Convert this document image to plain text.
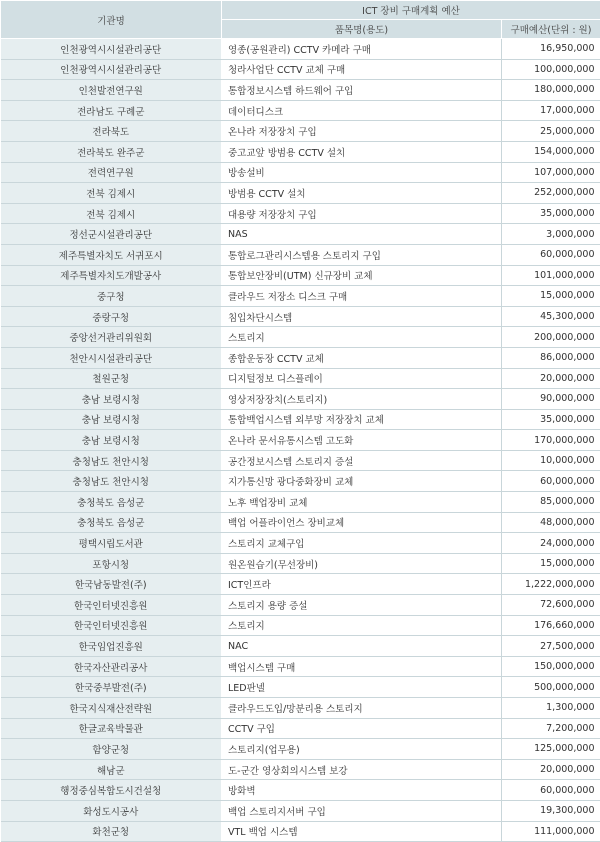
기관명	ICT 장비 구매계획 예산	
	품목명(용도)	구매예산(단위 : 원)
인천광역시시설관리공단	영종(공원관리) CCTV 카메라 구매	16,950,000
인천광역시시설관리공단	청라사업단 CCTV 교체 구매	100,000,000
인천발전연구원	통합정보시스템 하드웨어 구입	180,000,000
전라남도 구례군	데이터디스크	17,000,000
전라북도	온나라 저장장치 구입	25,000,000
전라북도 완주군	중고교앞 방범용 CCTV 설치	154,000,000
전력연구원	방송설비	107,000,000
전북 김제시	방범용 CCTV 설치	252,000,000
전북 김제시	대용량 저장장치 구입	35,000,000
정선군시설관리공단	NAS	3,000,000
제주특별자치도 서귀포시	통합로그관리시스템용 스토리지 구입	60,000,000
제주특별자치도개발공사	통합보안장비(UTM) 신규장비 교체	101,000,000
중구청	클라우드 저장소 디스크 구매	15,000,000
중랑구청	침입차단시스템	45,300,000
중앙선거관리위원회	스토리지	200,000,000
천안시시설관리공단	종합운동장 CCTV 교체	86,000,000
철원군청	디지털정보 디스플레이	20,000,000
충남 보령시청	영상저장장치(스토리지)	90,000,000
충남 보령시청	통합백업시스템 외부망 저장장치 교체	35,000,000
충남 보령시청	온나라 문서유통시스템 고도화	170,000,000
충청남도 천안시청	공간정보시스템 스토리지 증설	10,000,000
충청남도 천안시청	지가통신망 광다중화장비 교체	60,000,000
충청북도 음성군	노후 백업장비 교체	85,000,000
충청북도 음성군	백업 어플라이언스 장비교체	48,000,000
평택시립도서관	스토리지 교체구입	24,000,000
포항시청	원온원습기(무선장비)	15,000,000
한국남동발전(주)	ICT인프라	1,222,000,000
한국인터넷진흥원	스토리지 용량 증설	72,600,000
한국인터넷진흥원	스토리지	176,660,000
한국임업진흥원	NAC	27,500,000
한국자산관리공사	백업시스템 구매	150,000,000
한국중부발전(주)	LED판넬	500,000,000
한국지식재산전략원	클라우드도입/망분리용 스토리지	1,300,000
한글교육박물관	CCTV 구입	7,200,000
함양군청	스토리지(업무용)	125,000,000
해남군	도-군간 영상회의시스템 보강	20,000,000
행정중심복합도시건설청	방화벽	60,000,000
화성도시공사	백업 스토리지서버 구입	19,300,000
화천군청	VTL 백업 시스템	111,000,000
